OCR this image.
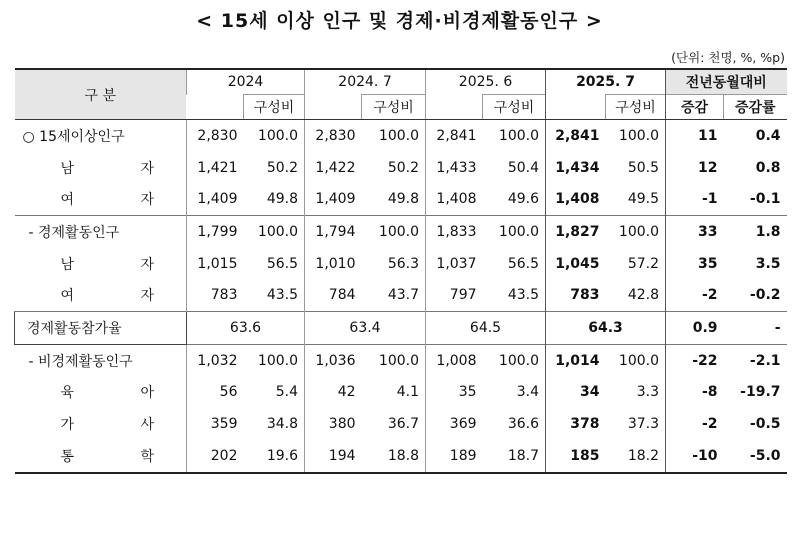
< 15세 이상 인구 및 경제·비경제활동인구 >
(단위: 천명, %, %p)
구 분	2024		2024. 7		2025. 6		2025. 7		전년동월대비	
		구성비		구성비		구성비		구성비	증감	증감률
○ 15세이상인구	2,830	100.0	2,830	100.0	2,841	100.0	2,841	100.0	11	0.4
남 자	1,421	50.2	1,422	50.2	1,433	50.4	1,434	50.5	12	0.8
여 자	1,409	49.8	1,409	49.8	1,408	49.6	1,408	49.5	-1	-0.1
- 경제활동인구	1,799	100.0	1,794	100.0	1,833	100.0	1,827	100.0	33	1.8
남 자	1,015	56.5	1,010	56.3	1,037	56.5	1,045	57.2	35	3.5
여 자	783	43.5	784	43.7	797	43.5	783	42.8	-2	-0.2
경제활동참가율	63.6		63.4		64.5		64.3		0.9	-
- 비경제활동인구	1,032	100.0	1,036	100.0	1,008	100.0	1,014	100.0	-22	-2.1
육 아	56	5.4	42	4.1	35	3.4	34	3.3	-8	-19.7
가 사	359	34.8	380	36.7	369	36.6	378	37.3	-2	-0.5
통 학	202	19.6	194	18.8	189	18.7	185	18.2	-10	-5.0
